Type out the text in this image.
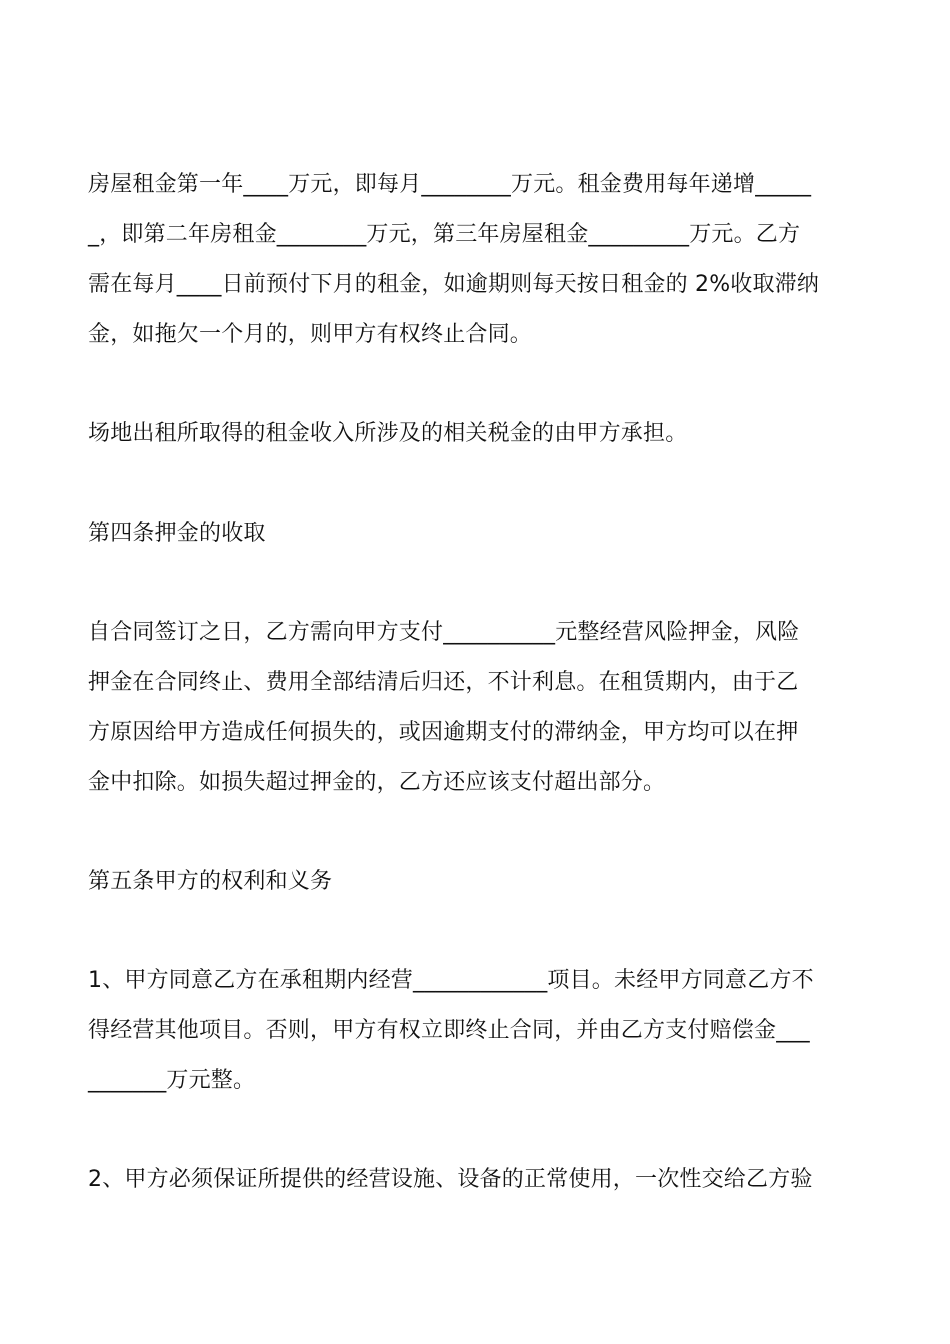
房屋租金第一年____万元，即每月________万元。租金费用每年递增_____

_，即第二年房租金________万元，第三年房屋租金_________万元。乙方

需在每月____日前预付下月的租金，如逾期则每天按日租金的 2%收取滞纳

金，如拖欠一个月的，则甲方有权终止合同。

场地出租所取得的租金收入所涉及的相关税金的由甲方承担。

第四条押金的收取

自合同签订之日，乙方需向甲方支付__________元整经营风险押金，风险

押金在合同终止、费用全部结清后归还，不计利息。在租赁期内，由于乙

方原因给甲方造成任何损失的，或因逾期支付的滞纳金，甲方均可以在押

金中扣除。如损失超过押金的，乙方还应该支付超出部分。

第五条甲方的权利和义务

1、甲方同意乙方在承租期内经营____________项目。未经甲方同意乙方不

得经营其他项目。否则，甲方有权立即终止合同，并由乙方支付赔偿金___

_______万元整。

2、甲方必须保证所提供的经营设施、设备的正常使用，一次性交给乙方验
